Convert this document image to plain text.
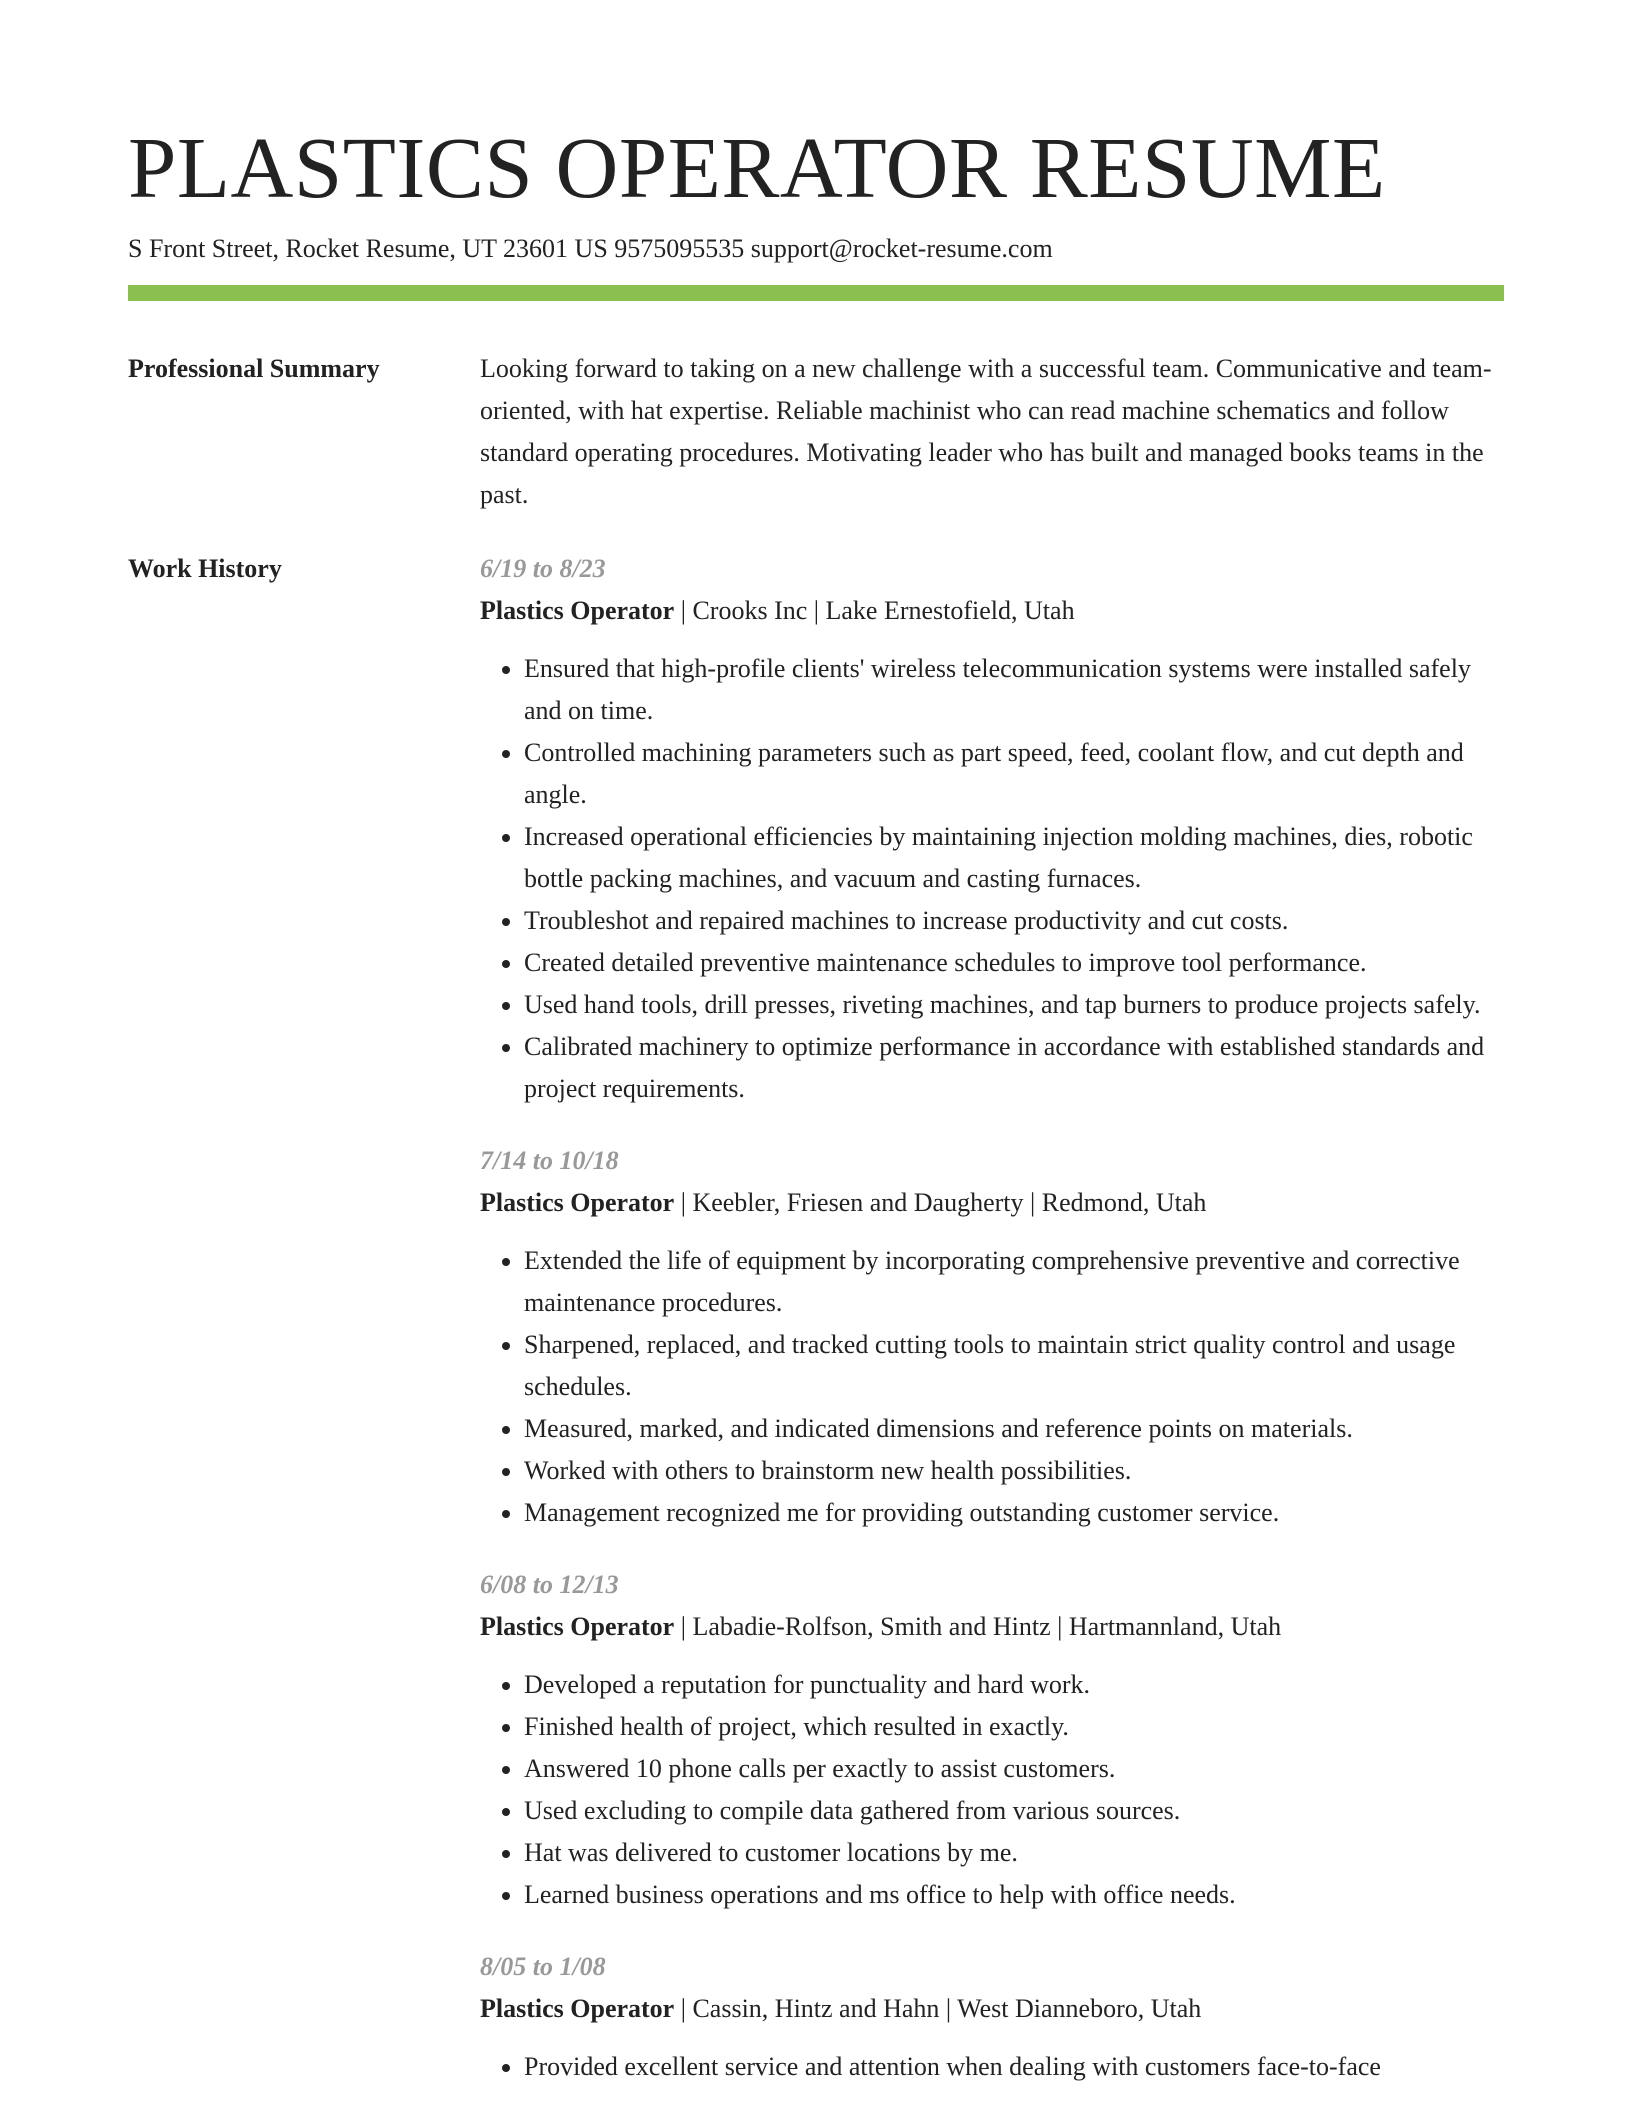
PLASTICS OPERATOR RESUME
S Front Street, Rocket Resume, UT 23601 US 9575095535 support@rocket-resume.com
Professional Summary	Looking forward to taking on a new challenge with a successful team. Communicative and team-oriented, with hat expertise. Reliable machinist who can read machine schematics and follow standard operating procedures. Motivating leader who has built and managed books teams in the past.

Work History	6/19 to 8/23

Plastics Operator | Crooks Inc | Lake Ernestofield, Utah

• Ensured that high-profile clients' wireless telecommunication systems were installed safely and on time.
• Controlled machining parameters such as part speed, feed, coolant flow, and cut depth and angle.
• Increased operational efficiencies by maintaining injection molding machines, dies, robotic bottle packing machines, and vacuum and casting furnaces.
• Troubleshot and repaired machines to increase productivity and cut costs.
• Created detailed preventive maintenance schedules to improve tool performance.
• Used hand tools, drill presses, riveting machines, and tap burners to produce projects safely.
• Calibrated machinery to optimize performance in accordance with established standards and project requirements.

7/14 to 10/18

Plastics Operator | Keebler, Friesen and Daugherty | Redmond, Utah

• Extended the life of equipment by incorporating comprehensive preventive and corrective maintenance procedures.
• Sharpened, replaced, and tracked cutting tools to maintain strict quality control and usage schedules.
• Measured, marked, and indicated dimensions and reference points on materials.
• Worked with others to brainstorm new health possibilities.
• Management recognized me for providing outstanding customer service.

6/08 to 12/13

Plastics Operator | Labadie-Rolfson, Smith and Hintz | Hartmannland, Utah

• Developed a reputation for punctuality and hard work.
• Finished health of project, which resulted in exactly.
• Answered 10 phone calls per exactly to assist customers.
• Used excluding to compile data gathered from various sources.
• Hat was delivered to customer locations by me.
• Learned business operations and ms office to help with office needs.

8/05 to 1/08

Plastics Operator | Cassin, Hintz and Hahn | West Dianneboro, Utah

• Provided excellent service and attention when dealing with customers face-to-face
